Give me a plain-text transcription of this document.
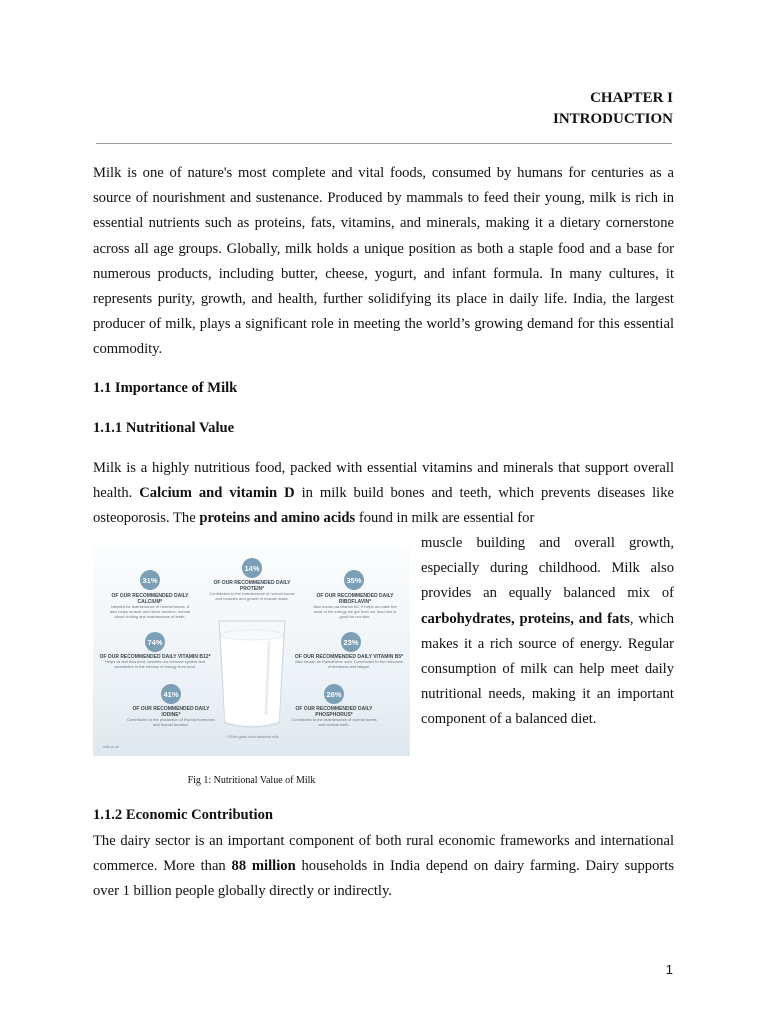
CHAPTER I
INTRODUCTION

Milk is one of nature's most complete and vital foods, consumed by humans for centuries as a source of nourishment and sustenance. Produced by mammals to feed their young, milk is rich in essential nutrients such as proteins, fats, vitamins, and minerals, making it a dietary cornerstone across all age groups. Globally, milk holds a unique position as both a staple food and a base for numerous products, including butter, cheese, yogurt, and infant formula. In many cultures, it represents purity, growth, and health, further solidifying its place in daily life. India, the largest producer of milk, plays a significant role in meeting the world’s growing demand for this essential commodity.

1.1 Importance of Milk
1.1.1 Nutritional Value

Milk is a highly nutritious food, packed with essential vitamins and minerals that support overall health. Calcium and vitamin D in milk build bones and teeth, which prevents diseases like osteoporosis. The proteins and amino acids found in milk are essential for

muscle building and overall growth, especially during childhood. Milk also provides an equally balanced mix of carbohydrates, proteins, and fats, which makes it a rich source of energy. Regular consumption of milk can help meet daily nutritional needs, making it an important component of a balanced diet.

* 200ml glass semi-skimmed milk
milk.co.uk
31%
OF OUR RECOMMENDED DAILY CALCIUM*
Needed for maintenance of normal bones. It also helps muscle and nerve function, normal blood clotting and maintenance of teeth.
14%
OF OUR RECOMMENDED DAILY PROTEIN*
Contributes to the maintenance of normal bones and muscles and growth in muscle mass.
35%
OF OUR RECOMMENDED DAILY RIBOFLAVIN*
Also known as vitamin B2, it helps us make the most of the energy we get from our food and is good for our skin.
74%
OF OUR RECOMMENDED DAILY VITAMIN B12*
Helps us feel less tired, benefits our immune system and contributes to the release of energy from food.
23%
OF OUR RECOMMENDED DAILY VITAMIN B5*
Also known as Pantothenic acid. Contributes to the reduction of tiredness and fatigue.
41%
OF OUR RECOMMENDED DAILY IODINE*
Contributes to the production of thyroid hormones and thyroid function.
28%
OF OUR RECOMMENDED DAILY PHOSPHORUS*
Contributes to the maintenance of normal bones and normal teeth.
Fig 1: Nutritional Value of Milk
1.1.2 Economic Contribution

The dairy sector is an important component of both rural economic frameworks and international commerce. More than 88 million households in India depend on dairy farming. Dairy supports over 1 billion people globally directly or indirectly.

1
